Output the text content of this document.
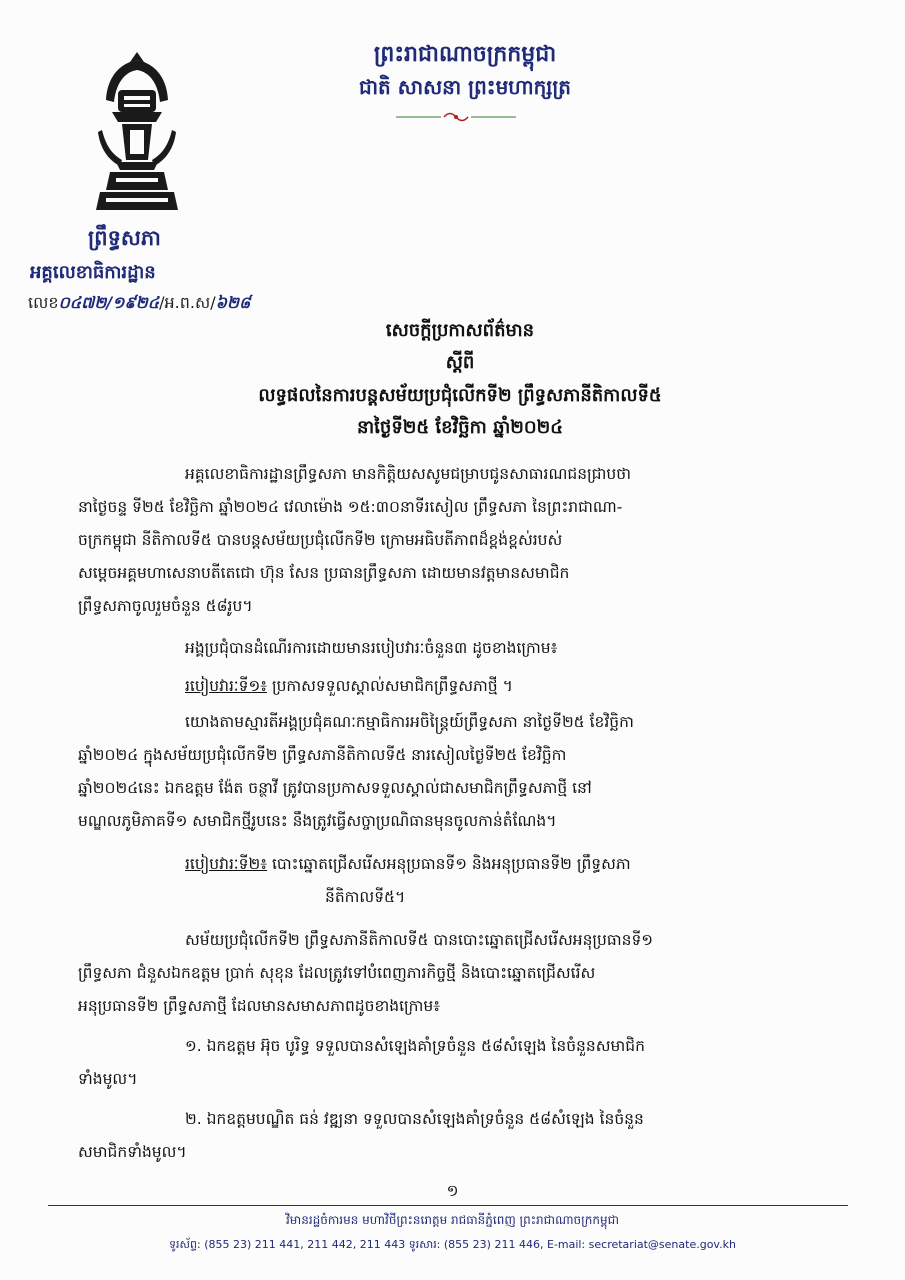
ព្រះរាជាណាចក្រកម្ពុជា
ជាតិ សាសនា ព្រះមហាក្សត្រ
ព្រឹទ្ធសភា
អគ្គលេខាធិការដ្ឋាន
លេខ០៤៧២/១៩២៤/អ.ព.ស/៦២៨
សេចក្តីប្រកាសព័ត៌មាន
ស្តីពី
លទ្ធផលនៃការបន្តសម័យប្រជុំលើកទី២ ព្រឹទ្ធសភានីតិកាលទី៥
នាថ្ងៃទី២៥ ខែវិច្ឆិកា ឆ្នាំ២០២៤
អគ្គលេខាធិការដ្ឋានព្រឹទ្ធសភា មានកិត្តិយសសូមជម្រាបជូនសាធារណជនជ្រាបថា
នាថ្ងៃចន្ទ ទី២៥ ខែវិច្ឆិកា ឆ្នាំ២០២៤ វេលាម៉ោង ១៥:៣០នាទីរសៀល ព្រឹទ្ធសភា នៃព្រះរាជាណា-
ចក្រកម្ពុជា នីតិកាលទី៥ បានបន្តសម័យប្រជុំលើកទី២ ក្រោមអធិបតីភាពដ៏ខ្ពង់ខ្ពស់របស់
សម្តេចអគ្គមហាសេនាបតីតេជោ ហ៊ុន សែន ប្រធានព្រឹទ្ធសភា ដោយមានវត្តមានសមាជិក
ព្រឹទ្ធសភាចូលរួមចំនួន ៥៨រូប។
អង្គប្រជុំបានដំណើរការដោយមានរបៀបវារៈចំនួន៣ ដូចខាងក្រោម៖
របៀបវារៈទី១៖ ប្រកាសទទួលស្គាល់សមាជិកព្រឹទ្ធសភាថ្មី ។
យោងតាមស្មារតីអង្គប្រជុំគណៈកម្មាធិការអចិន្ត្រៃយ៍ព្រឹទ្ធសភា នាថ្ងៃទី២៥ ខែវិច្ឆិកា
ឆ្នាំ២០២៤ ក្នុងសម័យប្រជុំលើកទី២ ព្រឹទ្ធសភានីតិកាលទី៥ នារសៀលថ្ងៃទី២៥ ខែវិច្ឆិកា
ឆ្នាំ២០២៤នេះ ឯកឧត្តម ង៉ែត ចន្ថាវី ត្រូវបានប្រកាសទទួលស្គាល់ជាសមាជិកព្រឹទ្ធសភាថ្មី នៅ
មណ្ឌលភូមិភាគទី១ សមាជិកថ្មីរូបនេះ នឹងត្រូវធ្វើសច្ចាប្រណិធានមុនចូលកាន់តំណែង។
របៀបវារៈទី២៖ បោះឆ្នោតជ្រើសរើសអនុប្រធានទី១ និងអនុប្រធានទី២ ព្រឹទ្ធសភា
នីតិកាលទី៥។
សម័យប្រជុំលើកទី២ ព្រឹទ្ធសភានីតិកាលទី៥ បានបោះឆ្នោតជ្រើសរើសអនុប្រធានទី១
ព្រឹទ្ធសភា ជំនួសឯកឧត្តម ប្រាក់ សុខុន ដែលត្រូវទៅបំពេញភារកិច្ចថ្មី និងបោះឆ្នោតជ្រើសរើស
អនុប្រធានទី២ ព្រឹទ្ធសភាថ្មី ដែលមានសមាសភាពដូចខាងក្រោម៖
១. ឯកឧត្តម អ៊ុច បូរិទ្ធ ទទួលបានសំឡេងគាំទ្រចំនួន ៥៨សំឡេង នៃចំនួនសមាជិក
ទាំងមូល។
២. ឯកឧត្តមបណ្ឌិត ធន់ វឌ្ឍនា ទទួលបានសំឡេងគាំទ្រចំនួន ៥៨សំឡេង នៃចំនួន
សមាជិកទាំងមូល។
១
វិមានរដ្ឋចំការមន មហាវិថីព្រះនរោត្តម រាជធានីភ្នំពេញ ព្រះរាជាណាចក្រកម្ពុជា
ទូរស័ព្ទ: (855 23) 211 441, 211 442, 211 443 ទូរសារ: (855 23) 211 446, E-mail: secretariat@senate.gov.kh
